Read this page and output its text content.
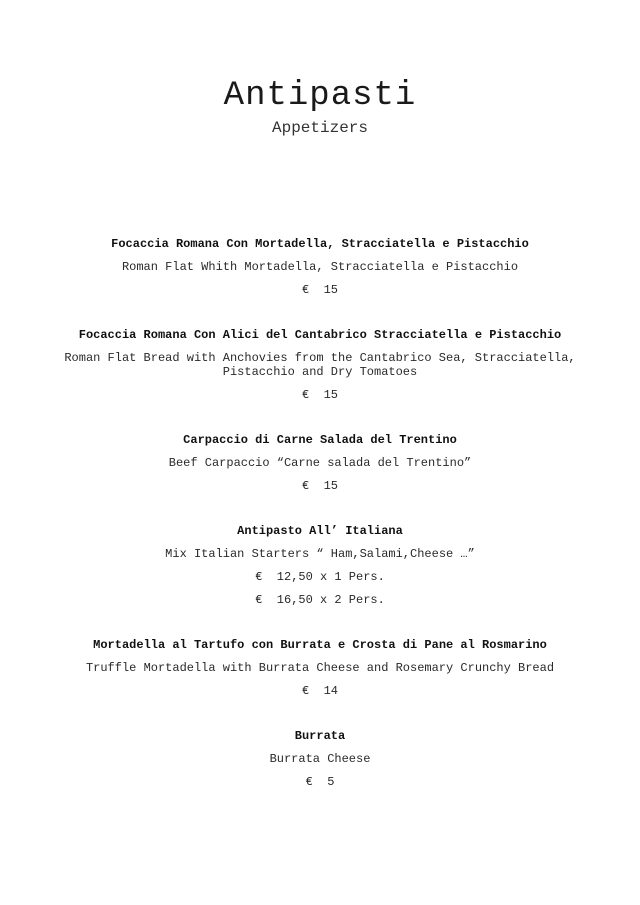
Antipasti

Appetizers

Focaccia Romana Con Mortadella, Stracciatella e Pistacchio

Roman Flat Whith Mortadella, Stracciatella e Pistacchio

€  15

Focaccia Romana Con Alici del Cantabrico Stracciatella e Pistacchio

Roman Flat Bread with Anchovies from the Cantabrico Sea, Stracciatella, Pistacchio and Dry Tomatoes

€  15

Carpaccio di Carne Salada del Trentino

Beef Carpaccio “Carne salada del Trentino”

€  15

Antipasto All’ Italiana

Mix Italian Starters “ Ham,Salami,Cheese …”

€  12,50 x 1 Pers.

€  16,50 x 2 Pers.

Mortadella al Tartufo con Burrata e Crosta di Pane al Rosmarino

Truffle Mortadella with Burrata Cheese and Rosemary Crunchy Bread

€  14

Burrata

Burrata Cheese

€  5
